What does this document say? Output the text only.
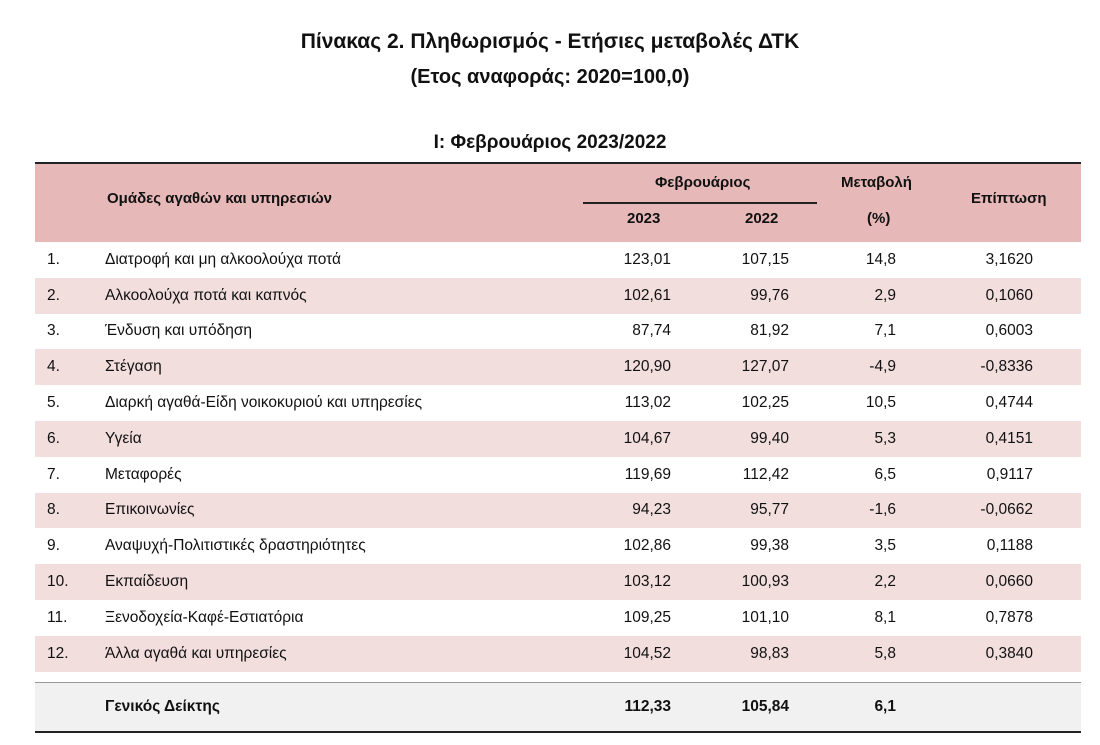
Πίνακας 2. Πληθωρισμός - Ετήσιες μεταβολές ΔΤΚ
(Ετος αναφοράς: 2020=100,0)
Ι: Φεβρουάριος 2023/2022
Ομάδες αγαθών και υπηρεσιών
Φεβρουάριος
2023	2022
Μεταβολή
(%)
Επίπτωση
1.	Διατροφή και μη αλκοολούχα ποτά	123,01	107,15	14,8	3,1620
2.	Αλκοολούχα ποτά και καπνός	102,61	99,76	2,9	0,1060
3.	Ένδυση και υπόδηση	87,74	81,92	7,1	0,6003
4.	Στέγαση	120,90	127,07	-4,9	-0,8336
5.	Διαρκή αγαθά-Είδη νοικοκυριού και υπηρεσίες	113,02	102,25	10,5	0,4744
6.	Υγεία	104,67	99,40	5,3	0,4151
7.	Μεταφορές	119,69	112,42	6,5	0,9117
8.	Επικοινωνίες	94,23	95,77	-1,6	-0,0662
9.	Αναψυχή-Πολιτιστικές δραστηριότητες	102,86	99,38	3,5	0,1188
10. Εκπαίδευση	103,12	100,93	2,2	0,0660
11. Ξενοδοχεία-Καφέ-Εστιατόρια	109,25	101,10	8,1	0,7878
12. Άλλα αγαθά και υπηρεσίες	104,52	98,83	5,8	0,3840
Γενικός Δείκτης	112,33	105,84	6,1
